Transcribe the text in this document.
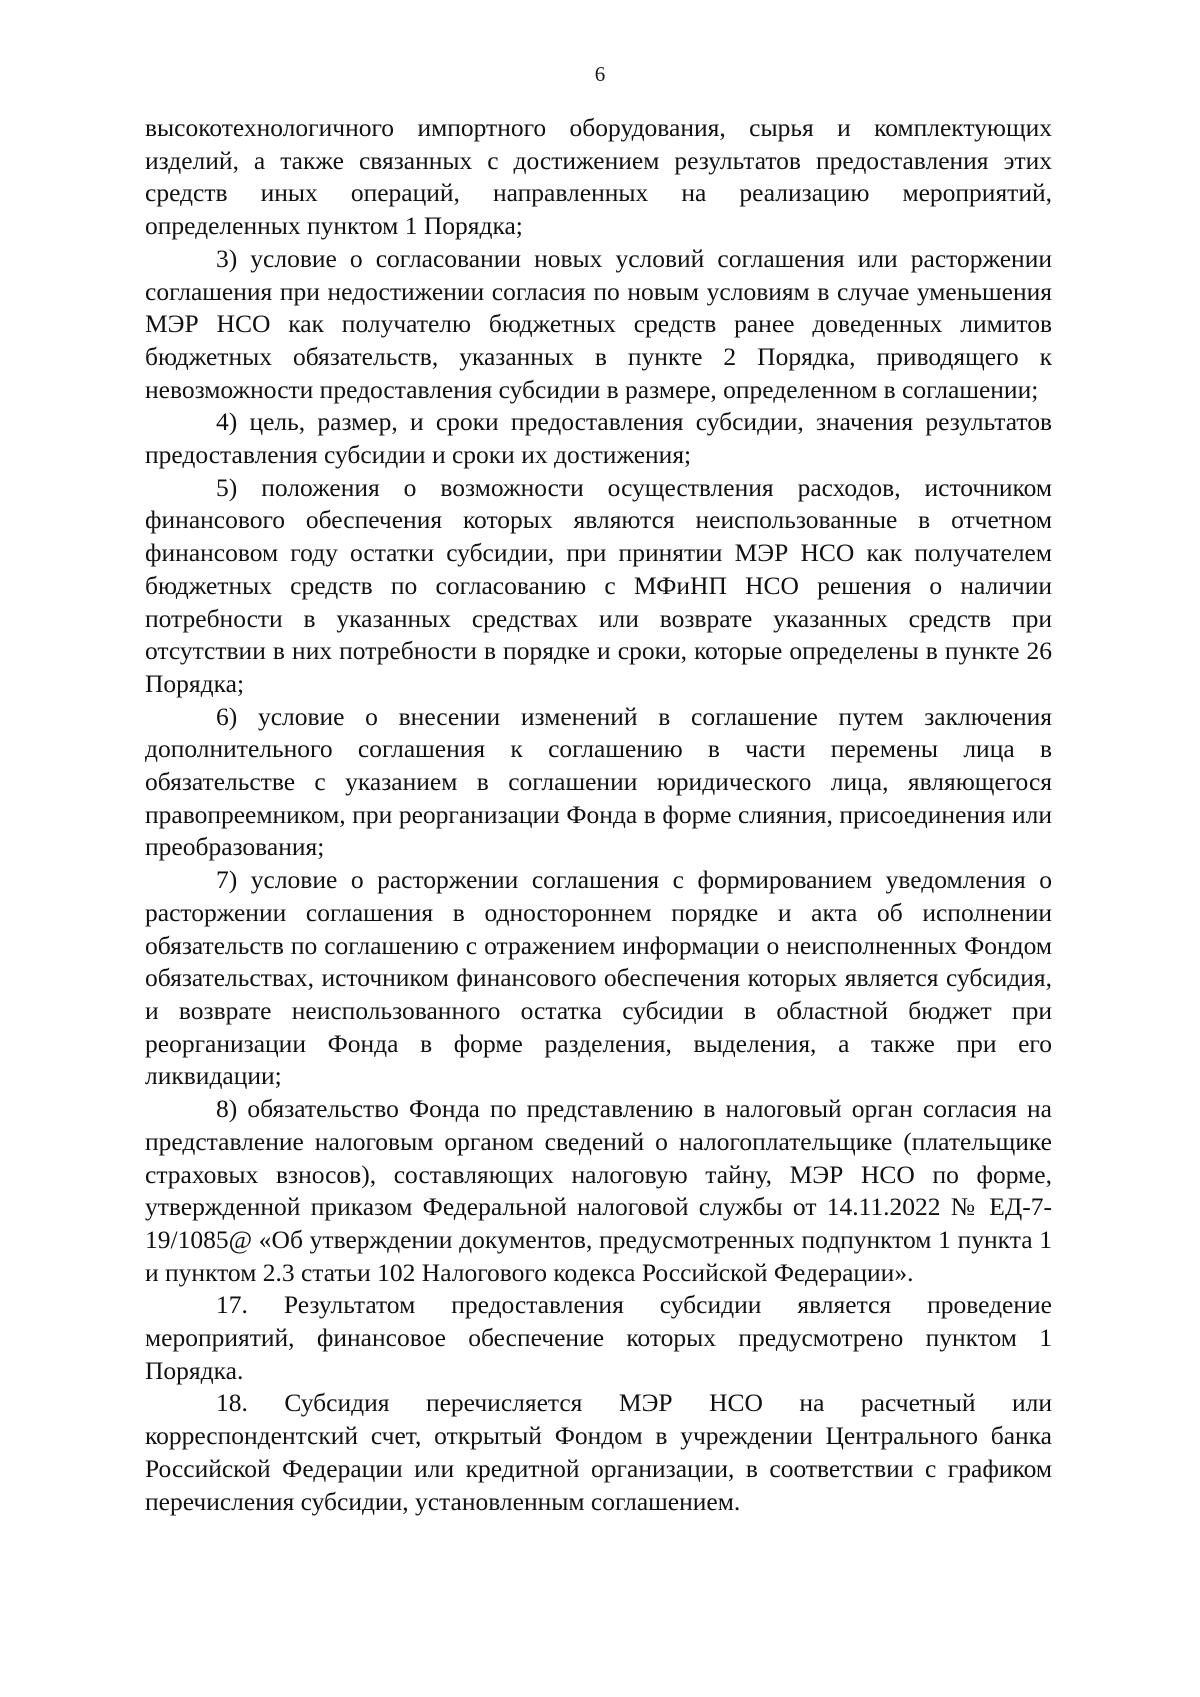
6

высокотехнологичного импортного оборудования, сырья и комплектующих изделий, а также связанных с достижением результатов предоставления этих средств иных операций, направленных на реализацию мероприятий, определенных пунктом 1 Порядка;

3) условие о согласовании новых условий соглашения или расторжении соглашения при недостижении согласия по новым условиям в случае уменьшения МЭР НСО как получателю бюджетных средств ранее доведенных лимитов бюджетных обязательств, указанных в пункте 2 Порядка, приводящего к невозможности предоставления субсидии в размере, определенном в соглашении;

4) цель, размер, и сроки предоставления субсидии, значения результатов предоставления субсидии и сроки их достижения;

5) положения о возможности осуществления расходов, источником финансового обеспечения которых являются неиспользованные в отчетном финансовом году остатки субсидии, при принятии МЭР НСО как получателем бюджетных средств по согласованию с МФиНП НСО решения о наличии потребности в указанных средствах или возврате указанных средств при отсутствии в них потребности в порядке и сроки, которые определены в пункте 26 Порядка;

6) условие о внесении изменений в соглашение путем заключения дополнительного соглашения к соглашению в части перемены лица в обязательстве с указанием в соглашении юридического лица, являющегося правопреемником, при реорганизации Фонда в форме слияния, присоединения или преобразования;

7) условие о расторжении соглашения с формированием уведомления о расторжении соглашения в одностороннем порядке и акта об исполнении обязательств по соглашению с отражением информации о неисполненных Фондом обязательствах, источником финансового обеспечения которых является субсидия, и возврате неиспользованного остатка субсидии в областной бюджет при реорганизации Фонда в форме разделения, выделения, а также при его ликвидации;

8) обязательство Фонда по представлению в налоговый орган согласия на представление налоговым органом сведений о налогоплательщике (плательщике страховых взносов), составляющих налоговую тайну, МЭР НСО по форме, утвержденной приказом Федеральной налоговой службы от 14.11.2022 № ЕД-7-19/1085@ «Об утверждении документов, предусмотренных подпунктом 1 пункта 1 и пунктом 2.3 статьи 102 Налогового кодекса Российской Федерации».

17. Результатом предоставления субсидии является проведение мероприятий, финансовое обеспечение которых предусмотрено пунктом 1 Порядка.

18. Субсидия перечисляется МЭР НСО на расчетный или корреспондентский счет, открытый Фондом в учреждении Центрального банка Российской Федерации или кредитной организации, в соответствии с графиком перечисления субсидии, установленным соглашением.
